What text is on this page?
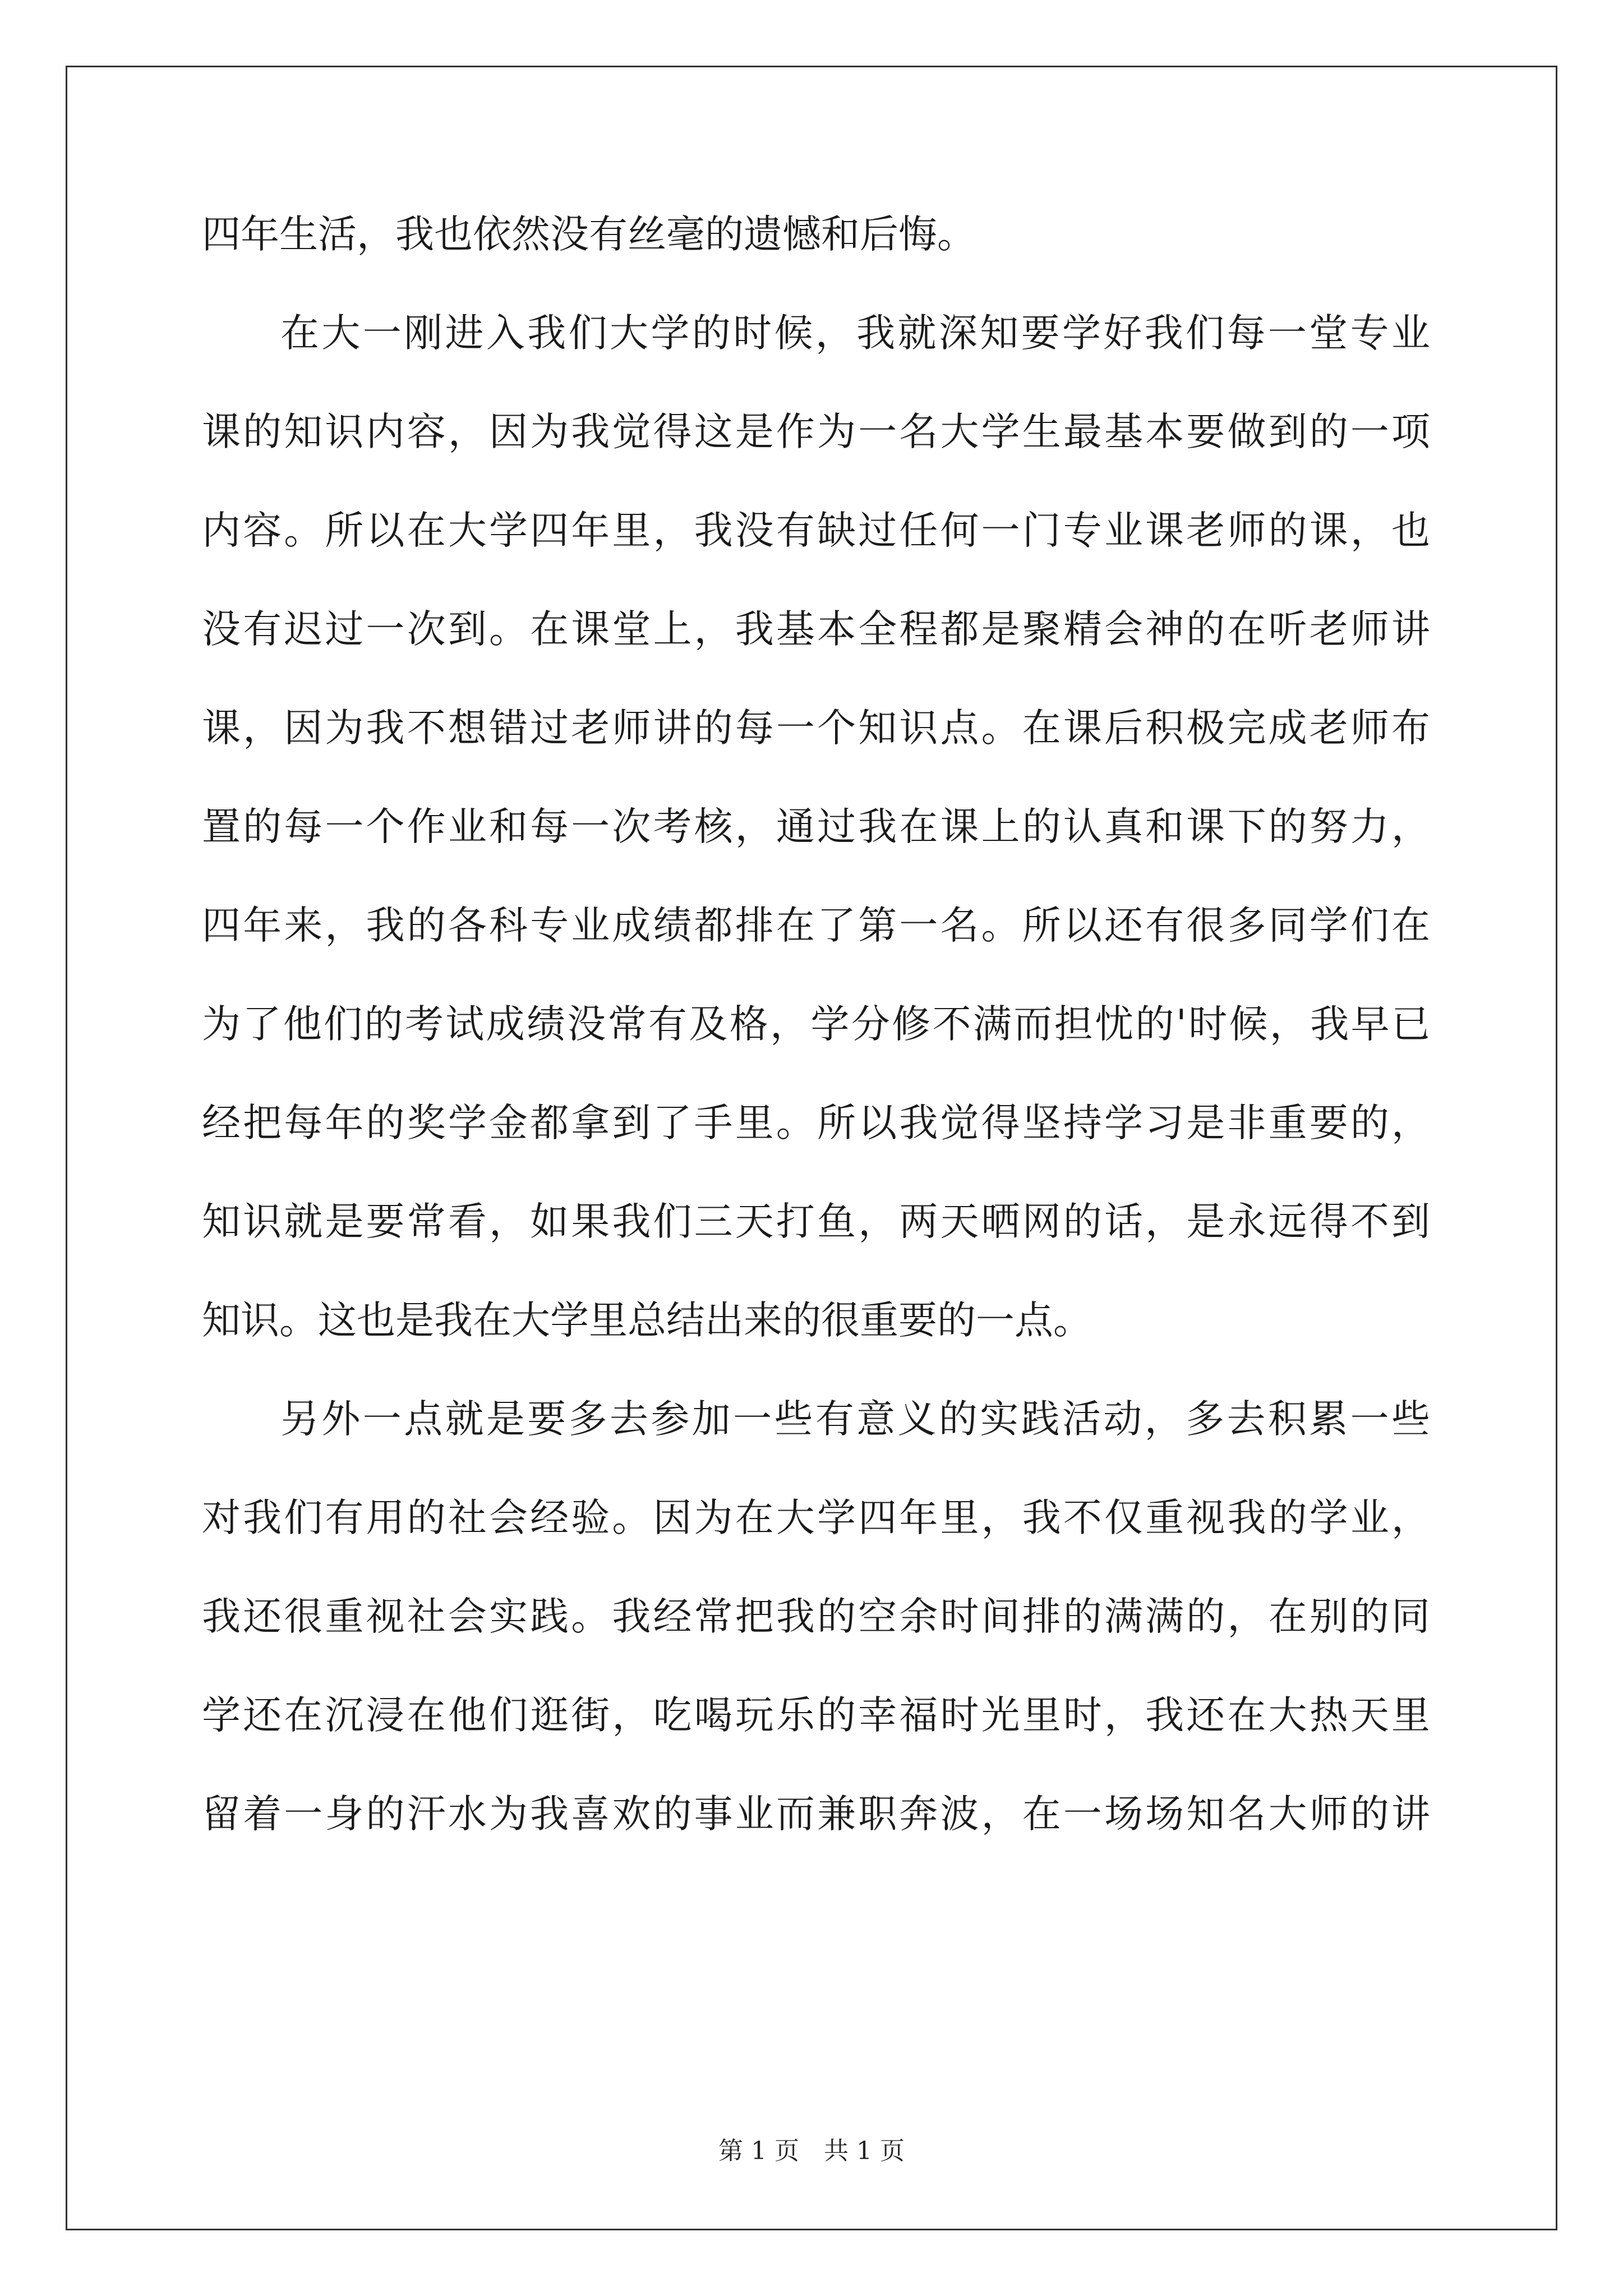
四年生活，我也依然没有丝毫的遗憾和后悔。
在大一刚进入我们大学的时候，我就深知要学好我们每一堂专业
课的知识内容，因为我觉得这是作为一名大学生最基本要做到的一项
内容。所以在大学四年里，我没有缺过任何一门专业课老师的课，也
没有迟过一次到。在课堂上，我基本全程都是聚精会神的在听老师讲
课，因为我不想错过老师讲的每一个知识点。在课后积极完成老师布
置的每一个作业和每一次考核，通过我在课上的认真和课下的努力，
四年来，我的各科专业成绩都排在了第一名。所以还有很多同学们在
为了他们的考试成绩没常有及格，学分修不满而担忧的'时候，我早已
经把每年的奖学金都拿到了手里。所以我觉得坚持学习是非重要的，
知识就是要常看，如果我们三天打鱼，两天晒网的话，是永远得不到
知识。这也是我在大学里总结出来的很重要的一点。
另外一点就是要多去参加一些有意义的实践活动，多去积累一些
对我们有用的社会经验。因为在大学四年里，我不仅重视我的学业，
我还很重视社会实践。我经常把我的空余时间排的满满的，在别的同
学还在沉浸在他们逛街，吃喝玩乐的幸福时光里时，我还在大热天里
留着一身的汗水为我喜欢的事业而兼职奔波，在一场场知名大师的讲
第 1 页　共 1 页
